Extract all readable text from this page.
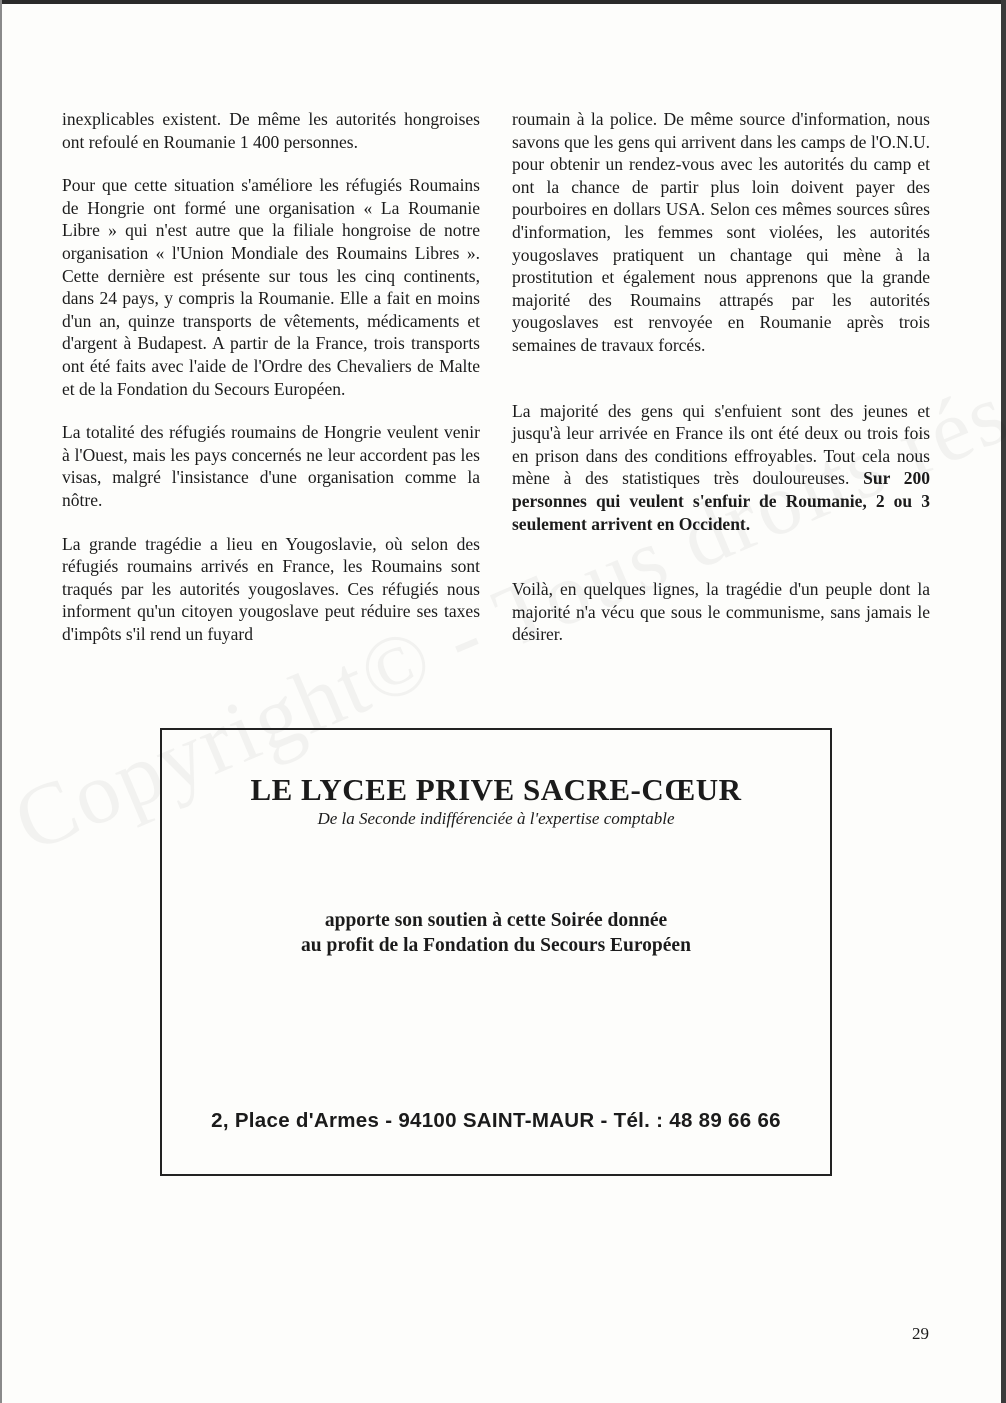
inexplicables existent. De même les autorités hongroises ont refoulé en Roumanie 1 400 personnes.

Pour que cette situation s'améliore les réfugiés Roumains de Hongrie ont formé une organisation « La Roumanie Libre » qui n'est autre que la filiale hongroise de notre organisation « l'Union Mondiale des Roumains Libres ». Cette dernière est présente sur tous les cinq continents, dans 24 pays, y compris la Roumanie. Elle a fait en moins d'un an, quinze transports de vêtements, médicaments et d'argent à Budapest. A partir de la France, trois transports ont été faits avec l'aide de l'Ordre des Chevaliers de Malte et de la Fondation du Secours Européen.

La totalité des réfugiés roumains de Hongrie veulent venir à l'Ouest, mais les pays concernés ne leur accordent pas les visas, malgré l'insistance d'une organisation comme la nôtre.

La grande tragédie a lieu en Yougoslavie, où selon des réfugiés roumains arrivés en France, les Roumains sont traqués par les autorités yougoslaves. Ces réfugiés nous informent qu'un citoyen yougoslave peut réduire ses taxes d'impôts s'il rend un fuyard

roumain à la police. De même source d'information, nous savons que les gens qui arrivent dans les camps de l'O.N.U. pour obtenir un rendez-vous avec les autorités du camp et ont la chance de partir plus loin doivent payer des pourboires en dollars USA. Selon ces mêmes sources sûres d'information, les femmes sont violées, les autorités yougoslaves pratiquent un chantage qui mène à la prostitution et également nous apprenons que la grande majorité des Roumains attrapés par les autorités yougoslaves est renvoyée en Roumanie après trois semaines de travaux forcés.

La majorité des gens qui s'enfuient sont des jeunes et jusqu'à leur arrivée en France ils ont été deux ou trois fois en prison dans des conditions effroyables. Tout cela nous mène à des statistiques très douloureuses. Sur 200 personnes qui veulent s'enfuir de Roumanie, 2 ou 3 seulement arrivent en Occident.

Voilà, en quelques lignes, la tragédie d'un peuple dont la majorité n'a vécu que sous le communisme, sans jamais le désirer.

LE LYCEE PRIVE SACRE-CŒUR
De la Seconde indifférenciée à l'expertise comptable
apporte son soutien à cette Soirée donnée
au profit de la Fondation du Secours Européen
2, Place d'Armes - 94100 SAINT-MAUR - Tél. : 48 89 66 66
29
